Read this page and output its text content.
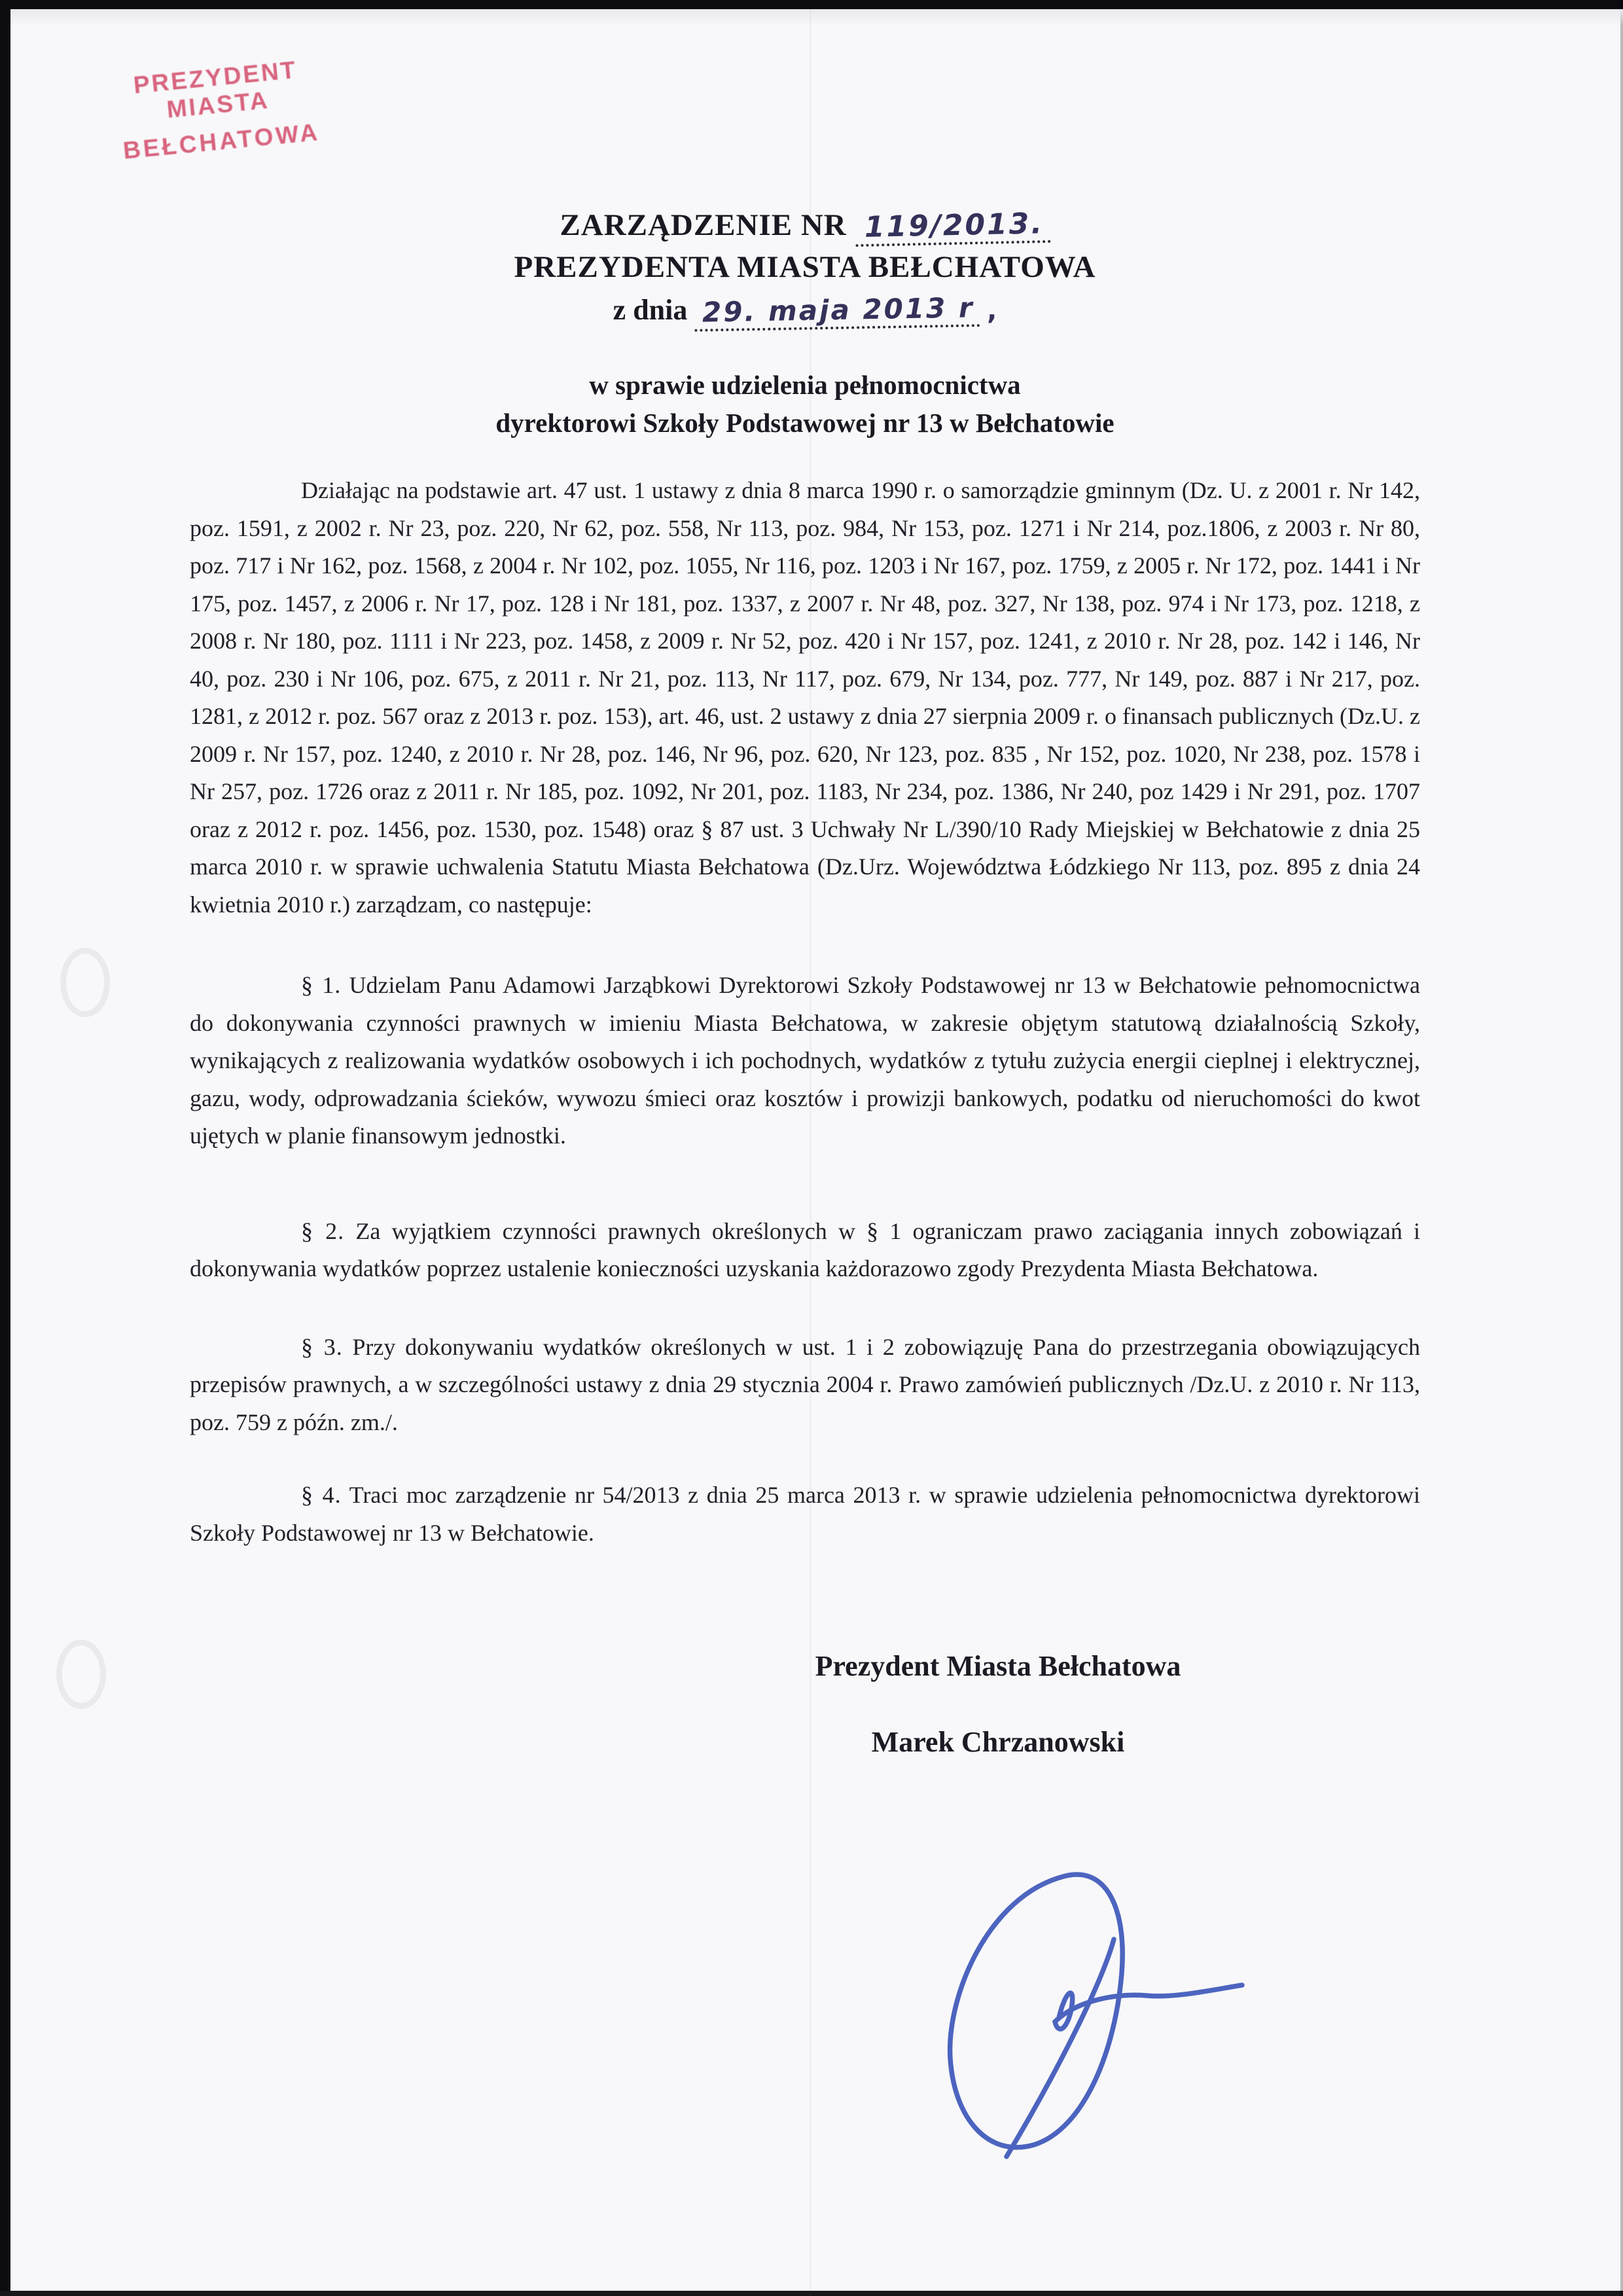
PREZYDENT MIASTA
BEŁCHATOWA
ZARZĄDZENIE NR 119/2013.
PREZYDENTA MIASTA BEŁCHATOWA
z dnia 29. maja 2013 r ,
w sprawie udzielenia pełnomocnictwa
dyrektorowi Szkoły Podstawowej nr 13 w Bełchatowie

Działając na podstawie art. 47 ust. 1 ustawy z dnia 8 marca 1990 r. o samorządzie gminnym (Dz. U. z 2001 r. Nr 142, poz. 1591, z 2002 r. Nr 23, poz. 220, Nr 62, poz. 558, Nr 113, poz. 984, Nr 153, poz. 1271 i Nr 214, poz.1806, z 2003 r. Nr 80, poz. 717 i Nr 162, poz. 1568, z 2004 r. Nr 102, poz. 1055, Nr 116, poz. 1203 i Nr 167, poz. 1759, z 2005 r. Nr 172, poz. 1441 i Nr 175, poz. 1457, z 2006 r. Nr 17, poz. 128 i Nr 181, poz. 1337, z 2007 r. Nr 48, poz. 327, Nr 138, poz. 974 i Nr 173, poz. 1218, z 2008 r. Nr 180, poz. 1111 i Nr 223, poz. 1458, z 2009 r. Nr 52, poz. 420 i Nr 157, poz. 1241, z 2010 r. Nr 28, poz. 142 i 146, Nr 40, poz. 230 i Nr 106, poz. 675, z 2011 r. Nr 21, poz. 113, Nr 117, poz. 679, Nr 134, poz. 777, Nr 149, poz. 887 i Nr 217, poz. 1281, z 2012 r. poz. 567 oraz z 2013 r. poz. 153), art. 46, ust. 2 ustawy z dnia 27 sierpnia 2009 r. o finansach publicznych (Dz.U. z 2009 r. Nr 157, poz. 1240, z 2010 r. Nr 28, poz. 146, Nr 96, poz. 620, Nr 123, poz. 835 , Nr 152, poz. 1020, Nr 238, poz. 1578 i Nr 257, poz. 1726 oraz z 2011 r. Nr 185, poz. 1092, Nr 201, poz. 1183, Nr 234, poz. 1386, Nr 240, poz 1429 i Nr 291, poz. 1707 oraz z 2012 r. poz. 1456, poz. 1530, poz. 1548) oraz § 87 ust. 3 Uchwały Nr L/390/10 Rady Miejskiej w Bełchatowie z dnia 25 marca 2010 r. w sprawie uchwalenia Statutu Miasta Bełchatowa (Dz.Urz. Województwa Łódzkiego Nr 113, poz. 895 z dnia 24 kwietnia 2010 r.) zarządzam, co następuje:

§ 1. Udzielam Panu Adamowi Jarząbkowi Dyrektorowi Szkoły Podstawowej nr 13 w Bełchatowie pełnomocnictwa do dokonywania czynności prawnych w imieniu Miasta Bełchatowa, w zakresie objętym statutową działalnością Szkoły, wynikających z realizowania wydatków osobowych i ich pochodnych, wydatków z tytułu zużycia energii cieplnej i elektrycznej, gazu, wody, odprowadzania ścieków, wywozu śmieci oraz kosztów i prowizji bankowych, podatku od nieruchomości do kwot ujętych w planie finansowym jednostki.

§ 2. Za wyjątkiem czynności prawnych określonych w § 1 ograniczam prawo zaciągania innych zobowiązań i dokonywania wydatków poprzez ustalenie konieczności uzyskania każdorazowo zgody Prezydenta Miasta Bełchatowa.

§ 3. Przy dokonywaniu wydatków określonych w ust. 1 i 2 zobowiązuję Pana do przestrzegania obowiązujących przepisów prawnych, a w szczególności ustawy z dnia 29 stycznia 2004 r. Prawo zamówień publicznych /Dz.U. z 2010 r. Nr 113, poz. 759 z późn. zm./.

§ 4. Traci moc zarządzenie nr 54/2013 z dnia 25 marca 2013 r. w sprawie udzielenia pełnomocnictwa dyrektorowi Szkoły Podstawowej nr 13 w Bełchatowie.

Prezydent Miasta Bełchatowa
Marek Chrzanowski
